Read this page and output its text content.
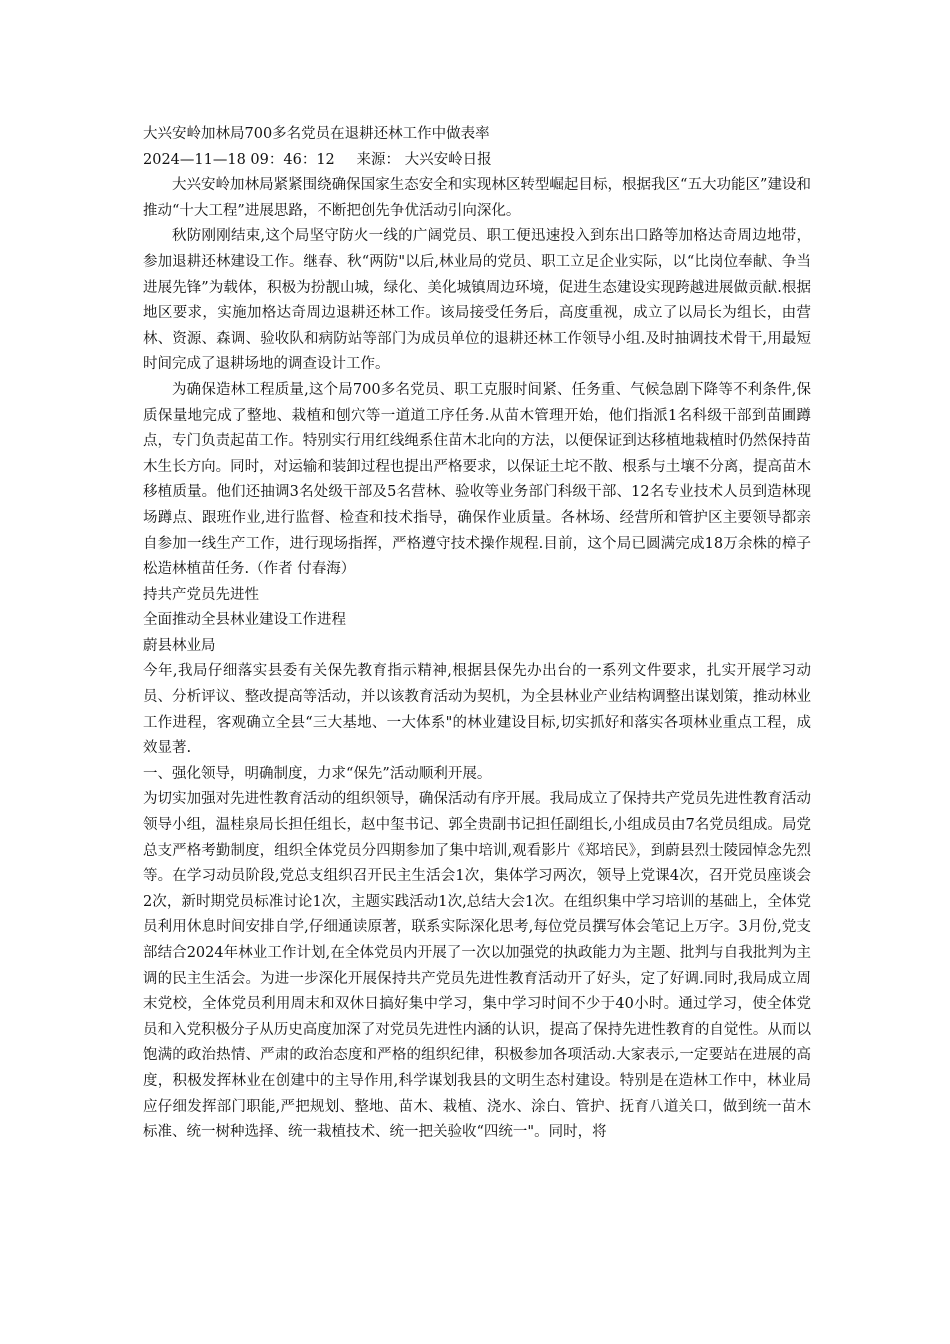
大兴安岭加林局700多名党员在退耕还林工作中做表率

2024—11—18 09：46：12 来源： 大兴安岭日报

大兴安岭加林局紧紧围绕确保国家生态安全和实现林区转型崛起目标，根据我区“五大功能区”建设和推动“十大工程”进展思路，不断把创先争优活动引向深化。

秋防刚刚结束,这个局坚守防火一线的广阔党员、职工便迅速投入到东出口路等加格达奇周边地带，参加退耕还林建设工作。继春、秋“两防"以后,林业局的党员、职工立足企业实际，以“比岗位奉献、争当进展先锋”为载体，积极为扮靓山城，绿化、美化城镇周边环境，促进生态建设实现跨越进展做贡献.根据地区要求，实施加格达奇周边退耕还林工作。该局接受任务后，高度重视，成立了以局长为组长，由营林、资源、森调、验收队和病防站等部门为成员单位的退耕还林工作领导小组.及时抽调技术骨干,用最短时间完成了退耕场地的调查设计工作。

为确保造林工程质量,这个局700多名党员、职工克服时间紧、任务重、气候急剧下降等不利条件,保质保量地完成了整地、栽植和刨穴等一道道工序任务.从苗木管理开始，他们指派1名科级干部到苗圃蹲点，专门负责起苗工作。特别实行用红线绳系住苗木北向的方法，以便保证到达移植地栽植时仍然保持苗木生长方向。同时，对运输和装卸过程也提出严格要求，以保证土坨不散、根系与土壤不分离，提高苗木移植质量。他们还抽调3名处级干部及5名营林、验收等业务部门科级干部、12名专业技术人员到造林现场蹲点、跟班作业,进行监督、检查和技术指导，确保作业质量。各林场、经营所和管护区主要领导都亲自参加一线生产工作，进行现场指挥，严格遵守技术操作规程.目前，这个局已圆满完成18万余株的樟子松造林植苗任务.（作者 付春海）

持共产党员先进性

全面推动全县林业建设工作进程

蔚县林业局

今年,我局仔细落实县委有关保先教育指示精神,根据县保先办出台的一系列文件要求，扎实开展学习动员、分析评议、整改提高等活动，并以该教育活动为契机，为全县林业产业结构调整出谋划策，推动林业工作进程，客观确立全县“三大基地、一大体系"的林业建设目标,切实抓好和落实各项林业重点工程，成效显著.

一、强化领导，明确制度，力求“保先”活动顺利开展。

为切实加强对先进性教育活动的组织领导，确保活动有序开展。我局成立了保持共产党员先进性教育活动领导小组，温桂泉局长担任组长，赵中玺书记、郭全贵副书记担任副组长,小组成员由7名党员组成。局党总支严格考勤制度，组织全体党员分四期参加了集中培训,观看影片《郑培民》，到蔚县烈士陵园悼念先烈等。在学习动员阶段,党总支组织召开民主生活会1次，集体学习两次，领导上党课4次，召开党员座谈会2次，新时期党员标准讨论1次，主题实践活动1次,总结大会1次。在组织集中学习培训的基础上，全体党员利用休息时间安排自学,仔细通读原著，联系实际深化思考,每位党员撰写体会笔记上万字。3月份,党支部结合2024年林业工作计划,在全体党员内开展了一次以加强党的执政能力为主题、批判与自我批判为主调的民主生活会。为进一步深化开展保持共产党员先进性教育活动开了好头，定了好调.同时,我局成立周末党校，全体党员利用周末和双休日搞好集中学习，集中学习时间不少于40小时。通过学习，使全体党员和入党积极分子从历史高度加深了对党员先进性内涵的认识，提高了保持先进性教育的自觉性。从而以饱满的政治热情、严肃的政治态度和严格的组织纪律，积极参加各项活动.大家表示,一定要站在进展的高度，积极发挥林业在创建中的主导作用,科学谋划我县的文明生态村建设。特别是在造林工作中，林业局应仔细发挥部门职能,严把规划、整地、苗木、栽植、浇水、涂白、管护、抚育八道关口，做到统一苗木标准、统一树种选择、统一栽植技术、统一把关验收“四统一"。同时，将
